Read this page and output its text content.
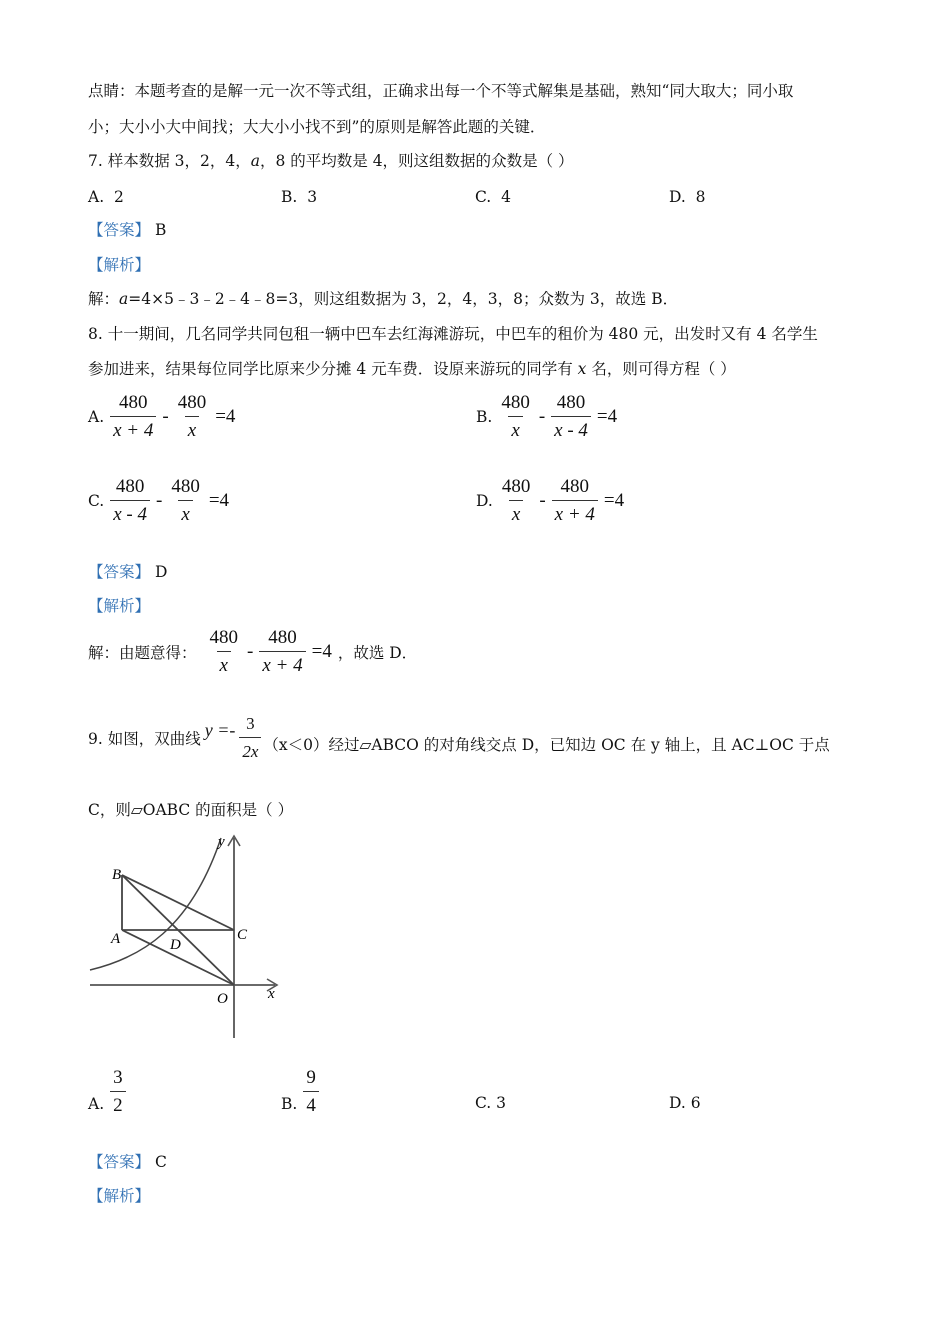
点睛：本题考查的是解一元一次不等式组，正确求出每一个不等式解集是基础，熟知“同大取大；同小取
小；大小小大中间找；大大小小找不到”的原则是解答此题的关键．
7. 样本数据 3，2，4，a，8 的平均数是 4，则这组数据的众数是（ ）
A. 2	B. 3	C. 4	D. 8
【答案】 B
【解析】
解：a=4×5﹣3﹣2﹣4﹣8=3，则这组数据为 3，2，4，3，8；众数为 3，故选 B．
8. 十一期间，几名同学共同包租一辆中巴车去红海滩游玩，中巴车的租价为 480 元，出发时又有 4 名学生
参加进来，结果每位同学比原来少分摊 4 元车费．设原来游玩的同学有 x 名，则可得方程（ ）
A. $\frac{480}{x + 4} - \frac{480}{x} =4$	B. $\frac{480}{x} - \frac{480}{x - 4} =4$
C. $\frac{480}{x - 4} - \frac{480}{x} =4$	D. $\frac{480}{x} - \frac{480}{x + 4} =4$
【答案】 D
【解析】
解：由题意得： $\frac{480}{x} - \frac{480}{x + 4} =4$ ，故选 D．
9. 如图，双曲线 $y =- \frac{3}{2x} (x<0)$经过▱ABCO 的对角线交点 D，已知边 OC 在 y 轴上，且 AC⊥OC 于点
C，则▱OABC 的面积是（ ）
B
A	D
C
O	x
y
A. $\frac{3}{2}$	B. $\frac{9}{4}$	C. 3	D. 6
【答案】 C
【解析】
